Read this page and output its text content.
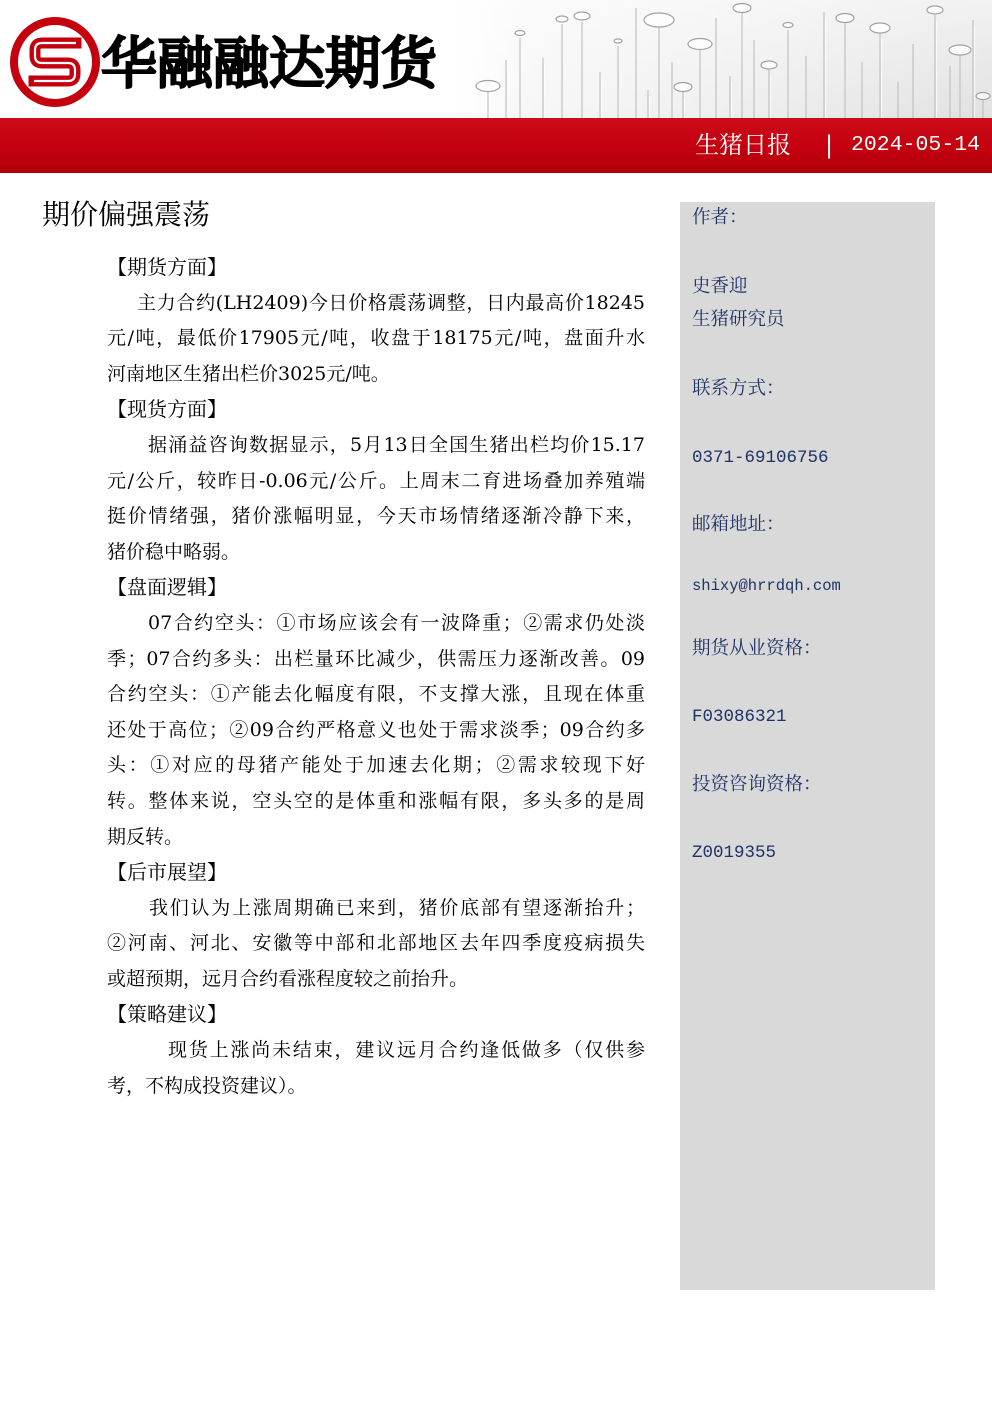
华融融达期货
生猪日报 | 2024-05-14
期价偏强震荡
【期货方面】
主力合约(LH2409)今日价格震荡调整，日内最高价18245
元/吨，最低价17905元/吨，收盘于18175元/吨，盘面升水
河南地区生猪出栏价3025元/吨。
【现货方面】
据涌益咨询数据显示，5月13日全国生猪出栏均价15.17
元/公斤，较昨日-0.06元/公斤。上周末二育进场叠加养殖端
挺价情绪强，猪价涨幅明显，今天市场情绪逐渐冷静下来，
猪价稳中略弱。
【盘面逻辑】
07合约空头：①市场应该会有一波降重；②需求仍处淡
季；07合约多头：出栏量环比减少，供需压力逐渐改善。09
合约空头：①产能去化幅度有限，不支撑大涨，且现在体重
还处于高位；②09合约严格意义也处于需求淡季；09合约多
头：①对应的母猪产能处于加速去化期；②需求较现下好
转。整体来说，空头空的是体重和涨幅有限，多头多的是周
期反转。
【后市展望】
我们认为上涨周期确已来到，猪价底部有望逐渐抬升；
②河南、河北、安徽等中部和北部地区去年四季度疫病损失
或超预期，远月合约看涨程度较之前抬升。
【策略建议】
现货上涨尚未结束，建议远月合约逢低做多（仅供参
考，不构成投资建议）。
作者：
史香迎
生猪研究员
联系方式：
0371-69106756
邮箱地址：
shixy@hrrdqh.com
期货从业资格：
F03086321
投资咨询资格：
Z0019355
